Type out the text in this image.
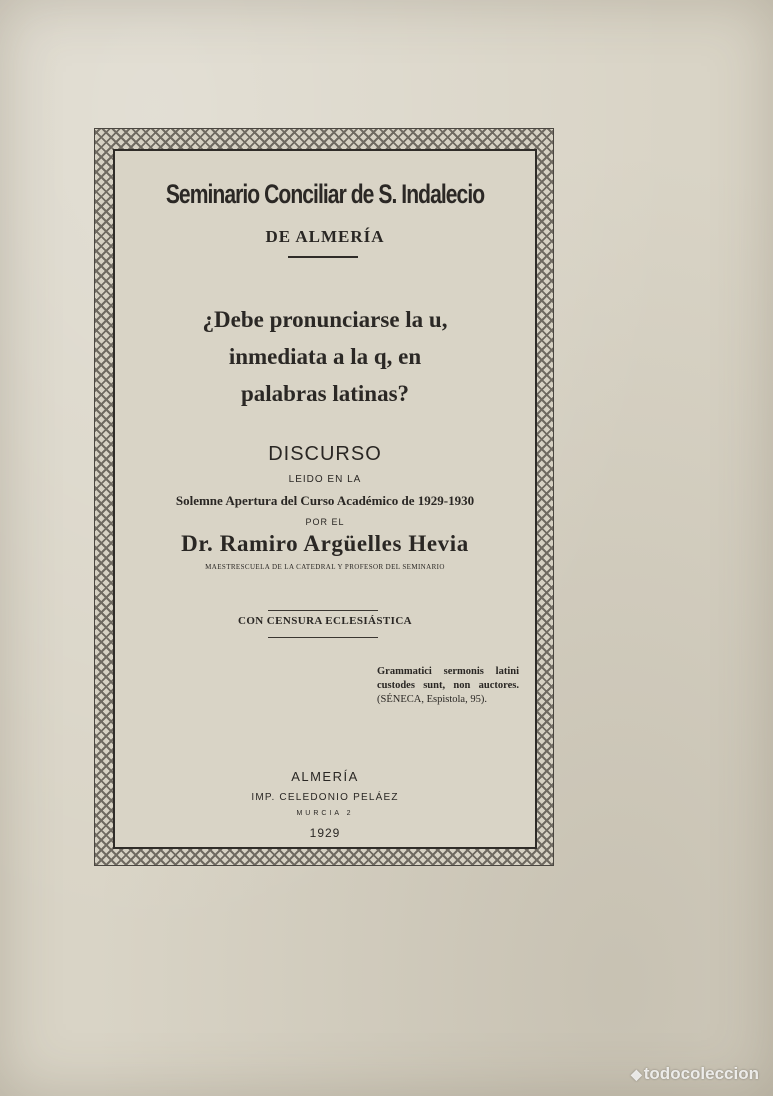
Seminario Conciliar de S. Indalecio
DE ALMERÍA
¿Debe pronunciarse la u,
inmediata a la q, en
palabras latinas?
DISCURSO
LEIDO EN LA
Solemne Apertura del Curso Académico de 1929-1930
POR EL
Dr. Ramiro Argüelles Hevia
MAESTRESCUELA DE LA CATEDRAL Y PROFESOR DEL SEMINARIO
CON CENSURA ECLESIÁSTICA
Grammatici sermonis latini custodes sunt, non auctores. (SÉNECA, Espistola, 95).
ALMERÍA
IMP. CELEDONIO PELÁEZ
MURCIA 2
1929
◆ todocoleccion
